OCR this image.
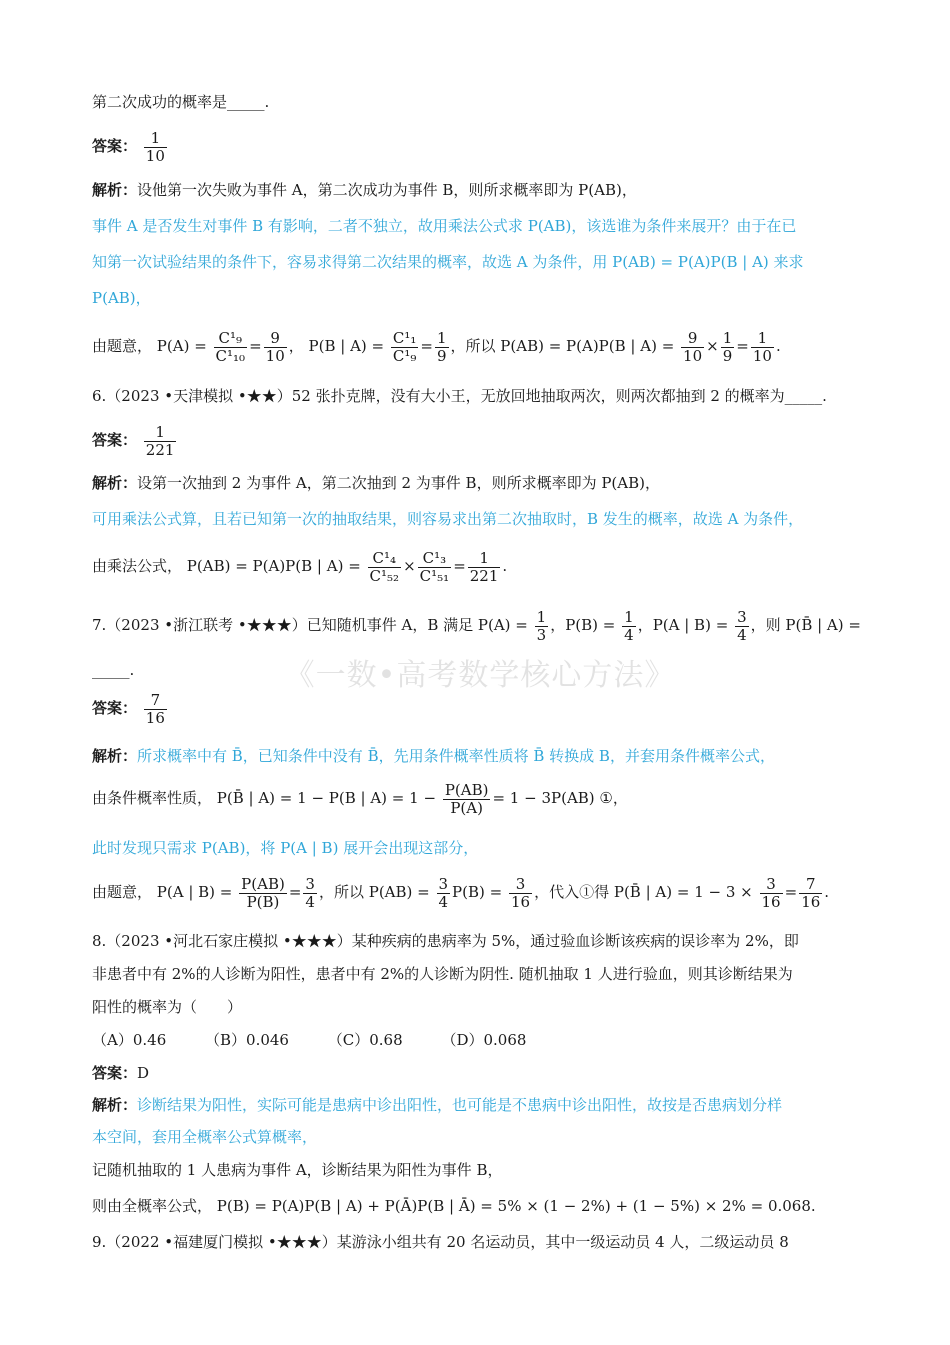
《一数•高考数学核心方法》
第二次成功的概率是_____.
答案： $\frac{1}{10}$
解析：设他第一次失败为事件 A，第二次成功为事件 B，则所求概率即为 P(AB)，
事件 A 是否发生对事件 B 有影响，二者不独立，故用乘法公式求 P(AB)，该选谁为条件来展开？由于在已
知第一次试验结果的条件下，容易求得第二次结果的概率，故选 A 为条件，用 P(AB) = P(A)P(B | A) 来求
P(AB)，
由题意， $P(A) = \frac{\text{C¹₉}}{\text{C¹₁₀}} = \frac{9}{10}$ ， P(B | $A) = \frac{\text{C¹₁}}{\text{C¹₉}} = \frac{1}{9}$ ，所以 P(AB) = P(A)P(B | $A) = \frac{9}{10} \times \frac{1}{9} = \frac{1}{10}$ .
6.（2023 •天津模拟 •★★）52 张扑克牌，没有大小王，无放回地抽取两次，则两次都抽到 2 的概率为_____.
答案： $\frac{1}{221}$
解析：设第一次抽到 2 为事件 A，第二次抽到 2 为事件 B，则所求概率即为 P(AB)，
可用乘法公式算，且若已知第一次的抽取结果，则容易求出第二次抽取时，B 发生的概率，故选 A 为条件，
由乘法公式， P(AB) = P(A)P(B | $A) = \frac{\text{C¹₄}}{\text{C¹₅₂}} \times \frac{\text{C¹₃}}{\text{C¹₅₁}} = \frac{1}{221}$ .
7.（2023 •浙江联考 •★★★）已知随机事件 A，B 满足 $P(A) = \frac{1}{3}$ ，$P(B) = \frac{1}{4}$ ，P(A | $B) = \frac{3}{4}$ ，则 P(B̄ | A) =
_____.
答案： $\frac{7}{16}$
解析：所求概率中有 B̄，已知条件中没有 B̄，先用条件概率性质将 B̄ 转换成 B，并套用条件概率公式，
由条件概率性质， P(B̄ | A) = 1 − P(B | $A) = 1 - \frac{P(AB)}{P(A)} = 1 - 3P(AB)$ ①，
此时发现只需求 P(AB)，将 P(A | B) 展开会出现这部分，
由题意， P(A | $B) = \frac{P(AB)}{P(B)} = \frac{3}{4}$ ，所以 $P(AB) = \frac{3}{4} P(B) = \frac{3}{16}$ ，代入①得 P(B̄ | $A) = 1 - 3 \times \frac{3}{16} = \frac{7}{16}$ .
8.（2023 •河北石家庄模拟 •★★★）某种疾病的患病率为 5%，通过验血诊断该疾病的误诊率为 2%，即
非患者中有 2%的人诊断为阳性，患者中有 2%的人诊断为阴性. 随机抽取 1 人进行验血，则其诊断结果为
阳性的概率为（　　）
（A）0.46	（B）0.046	（C）0.68	（D）0.068
答案：D
解析：诊断结果为阳性，实际可能是患病中诊出阳性，也可能是不患病中诊出阳性，故按是否患病划分样
本空间，套用全概率公式算概率，
记随机抽取的 1 人患病为事件 A，诊断结果为阳性为事件 B，
则由全概率公式， P(B) = P(A)P(B | A) + P(Ā)P(B | Ā) = 5% × (1 − 2%) + (1 − 5%) × 2% = 0.068.
9.（2022 •福建厦门模拟 •★★★）某游泳小组共有 20 名运动员，其中一级运动员 4 人，二级运动员 8
